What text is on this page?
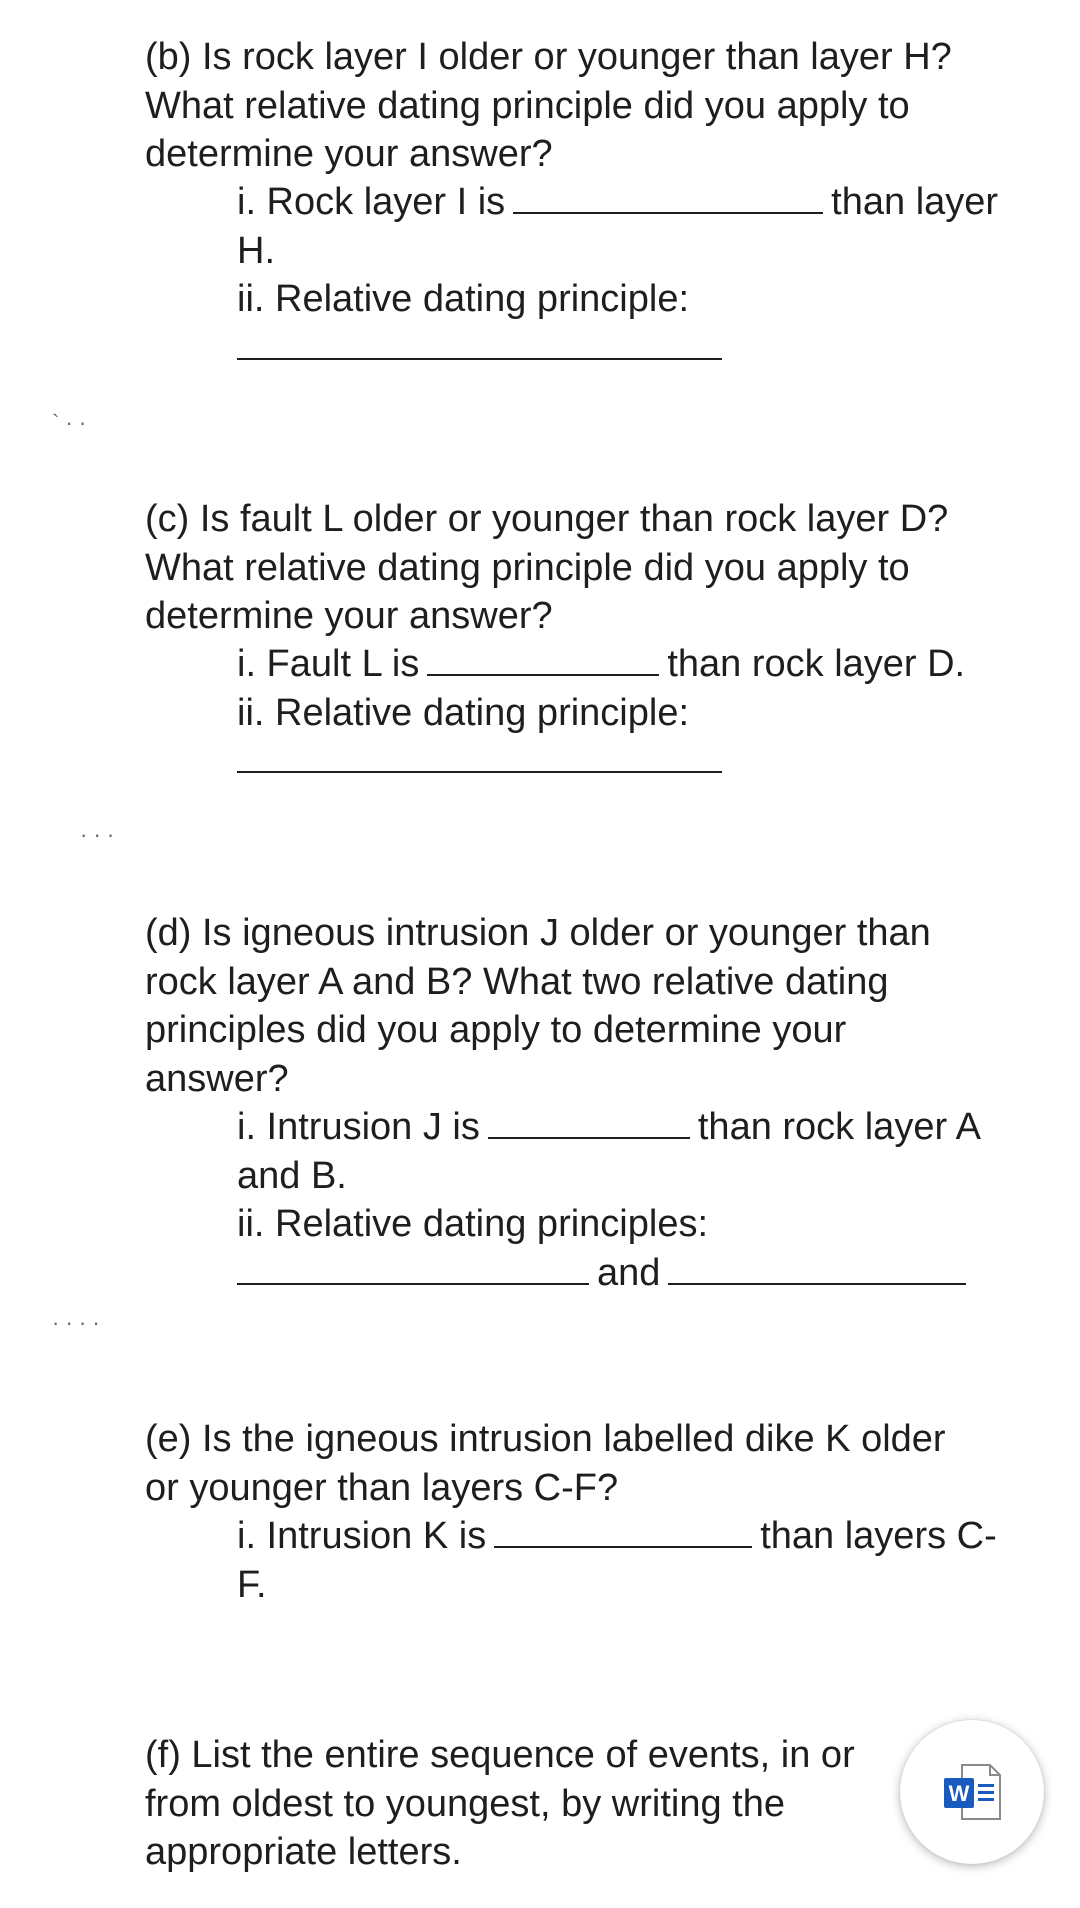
(b) Is rock layer I older or younger than layer H?

What relative dating principle did you apply to

determine your answer?

i. Rock layer I is	than layer

H.

ii. Relative dating principle:

` · ·

(c) Is fault L older or younger than rock layer D?

What relative dating principle did you apply to

determine your answer?

i. Fault L is	than rock layer D.

ii. Relative dating principle:

· · ·

(d) Is igneous intrusion J older or younger than

rock layer A and B? What two relative dating

principles did you apply to determine your

answer?

i. Intrusion J is	than rock layer A

and B.

ii. Relative dating principles:

and

· · · ·

(e) Is the igneous intrusion labelled dike K older

or younger than layers C-F?

i. Intrusion K is	than layers C-

F.

(f) List the entire sequence of events, in or

from oldest to youngest, by writing the

appropriate letters.

W
